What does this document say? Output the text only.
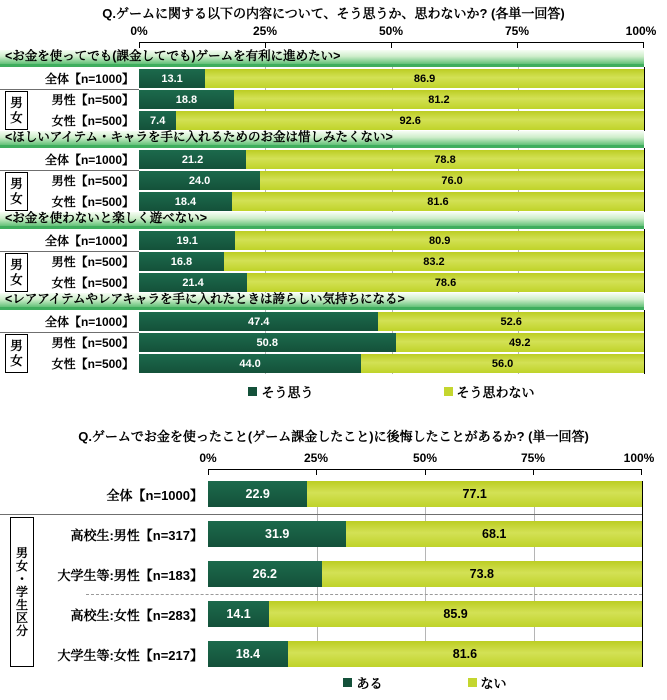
Q.ゲームに関する以下の内容について、そう思うか、思わないか? (各単一回答)
0%	25%	50%	75%	100%
<お金を使ってでも(課金してでも)ゲームを有利に進めたい>
全体【n=1000】	13.1	86.9
男性【n=500】	18.8	81.2
女性【n=500】	7.4	92.6
男
女
<ほしいアイテム・キャラを手に入れるためのお金は惜しみたくない>
全体【n=1000】	21.2	78.8
男性【n=500】	24.0	76.0
女性【n=500】	18.4	81.6
男
女
<お金を使わないと楽しく遊べない>
全体【n=1000】	19.1	80.9
男性【n=500】	16.8	83.2
女性【n=500】	21.4	78.6
男
女
<レアアイテムやレアキャラを手に入れたときは誇らしい気持ちになる>
全体【n=1000】	47.4	52.6
男性【n=500】	50.8	49.2
女性【n=500】	44.0	56.0
男
女
そう思う	そう思わない
Q.ゲームでお金を使ったこと(ゲーム課金したこと)に後悔したことがあるか? (単一回答)
0%	25%	50%	75%	100%
全体【n=1000】	22.9	77.1
高校生:男性【n=317】	31.9	68.1
大学生等:男性【n=183】	26.2	73.8
高校生:女性【n=283】	14.1	85.9
大学生等:女性【n=217】	18.4	81.6
男
女
・
学
生
区
分
ある	ない
